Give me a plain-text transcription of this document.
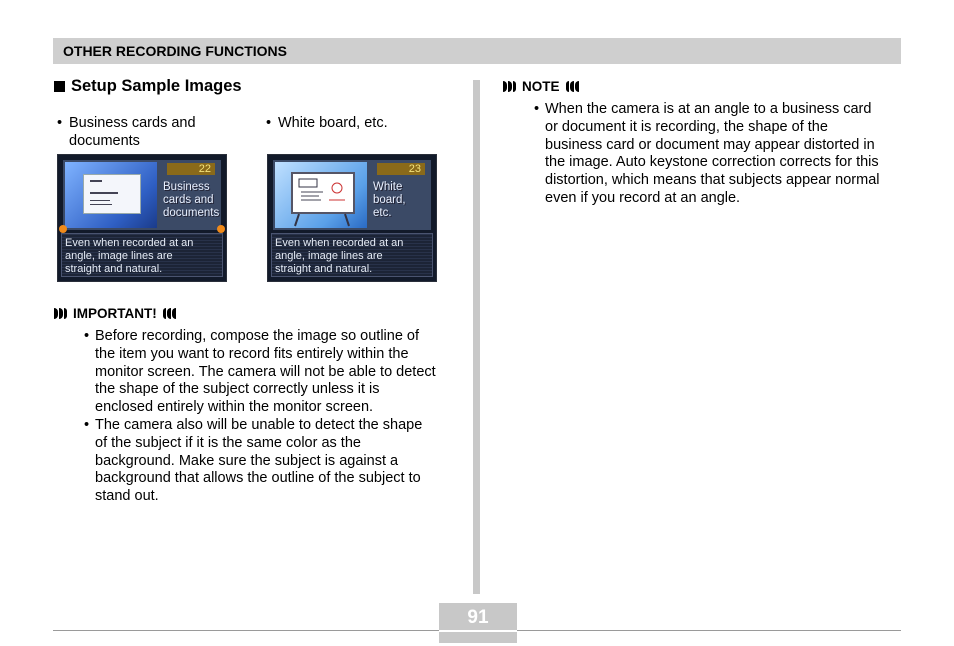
OTHER RECORDING FUNCTIONS
Setup Sample Images
• Business cards and
documents
• White board, etc.
22
Business
cards and
documents
Even when recorded at an
angle, image lines are
straight and natural.
23
White
board,
etc.
Even when recorded at an
angle, image lines are
straight and natural.
IMPORTANT!
• Before recording, compose the image so outline of
the item you want to record fits entirely within the
monitor screen. The camera will not be able to detect
the shape of the subject correctly unless it is
enclosed entirely within the monitor screen.
• The camera also will be unable to detect the shape
of the subject if it is the same color as the
background. Make sure the subject is against a
background that allows the outline of the subject to
stand out.
NOTE
• When the camera is at an angle to a business card
or document it is recording, the shape of the
business card or document may appear distorted in
the image. Auto keystone correction corrects for this
distortion, which means that subjects appear normal
even if you record at an angle.
91
